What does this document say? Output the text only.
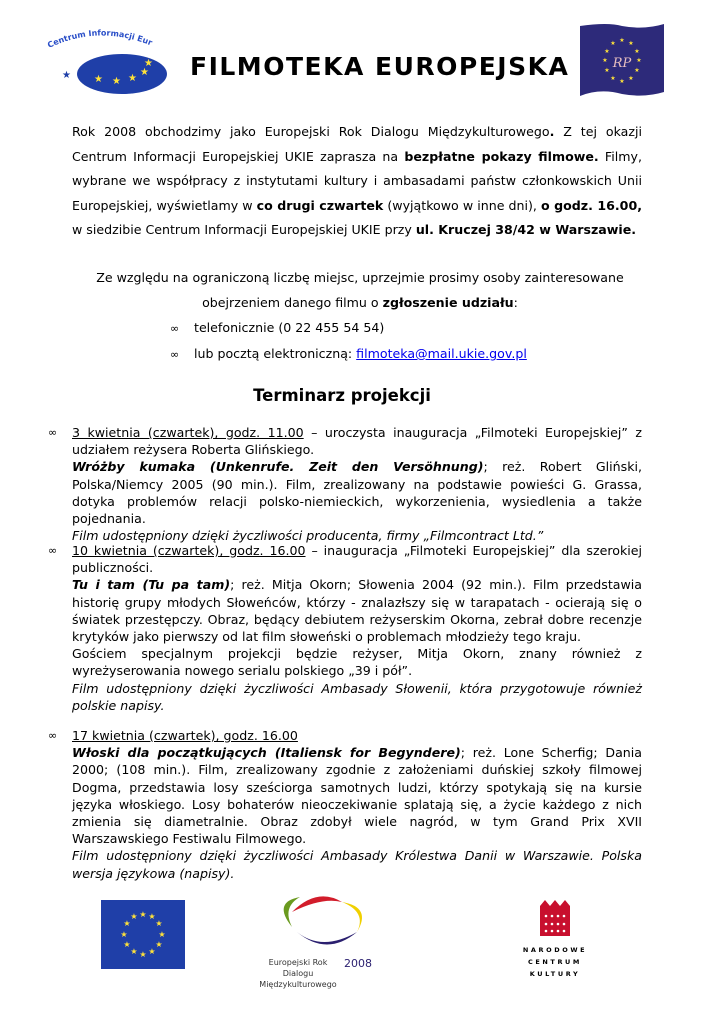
Centrum Informacji Eur
★ ★ ★
★
★
★	FILMOTEKA EUROPEJSKA
★ ★
★
★
★
★
★
★
★
★
★
★
RP
Rok 2008 obchodzimy jako Europejski Rok Dialogu Międzykulturowego. Z tej okazji Centrum Informacji Europejskiej UKIE zaprasza na bezpłatne pokazy filmowe. Filmy, wybrane we współpracy z instytutami kultury i ambasadami państw członkowskich Unii Europejskiej, wyświetlamy w co drugi czwartek (wyjątkowo w inne dni), o godz. 16.00, w siedzibie Centrum Informacji Europejskiej UKIE przy ul. Kruczej 38/42 w Warszawie.
Ze względu na ograniczoną liczbę miejsc, uprzejmie prosimy osoby zainteresowane obejrzeniem danego filmu o zgłoszenie udziału:
∞ telefonicznie (0 22 455 54 54)
∞ lub pocztą elektroniczną: filmoteka@mail.ukie.gov.pl
Terminarz projekcji
∞ 3 kwietnia (czwartek), godz. 11.00 – uroczysta inauguracja „Filmoteki Europejskiej” z udziałem reżysera Roberta Glińskiego.

Wróżby kumaka (Unkenrufe. Zeit den Versöhnung); reż. Robert Gliński, Polska/Niemcy 2005 (90 min.). Film, zrealizowany na podstawie powieści G. Grassa, dotyka problemów relacji polsko-niemieckich, wykorzenienia, wysiedlenia a także pojednania.

Film udostępniony dzięki życzliwości producenta, firmy „Filmcontract Ltd.”

∞ 10 kwietnia (czwartek), godz. 16.00 – inauguracja „Filmoteki Europejskiej” dla szerokiej publiczności.

Tu i tam (Tu pa tam); reż. Mitja Okorn; Słowenia 2004 (92 min.). Film przedstawia historię grupy młodych Słoweńców, którzy - znalazłszy się w tarapatach - ocierają się o światek przestępczy. Obraz, będący debiutem reżyserskim Okorna, zebrał dobre recenzje krytyków jako pierwszy od lat film słoweński o problemach młodzieży tego kraju.

Gościem specjalnym projekcji będzie reżyser, Mitja Okorn, znany również z wyreżyserowania nowego serialu polskiego „39 i pół”.

Film udostępniony dzięki życzliwości Ambasady Słowenii, która przygotowuje również polskie napisy.

∞ 17 kwietnia (czwartek), godz. 16.00

Włoski dla początkujących (Italiensk for Begyndere); reż. Lone Scherfig; Dania 2000; (108 min.). Film, zrealizowany zgodnie z założeniami duńskiej szkoły filmowej Dogma, przedstawia losy sześciorga samotnych ludzi, którzy spotykają się na kursie języka włoskiego. Losy bohaterów nieoczekiwanie splatają się, a życie każdego z nich zmienia się diametralnie. Obraz zdobył wiele nagród, w tym Grand Prix XVII Warszawskiego Festiwalu Filmowego.

Film udostępniony dzięki życzliwości Ambasady Królestwa Danii w Warszawie. Polska wersja językowa (napisy).

★ ★
★
★
★
★
★
★
★
★
★
★
Europejski Rok Dialogu
Międzykulturowego
2008
NARODOWE
CENTRUM
KULTURY
